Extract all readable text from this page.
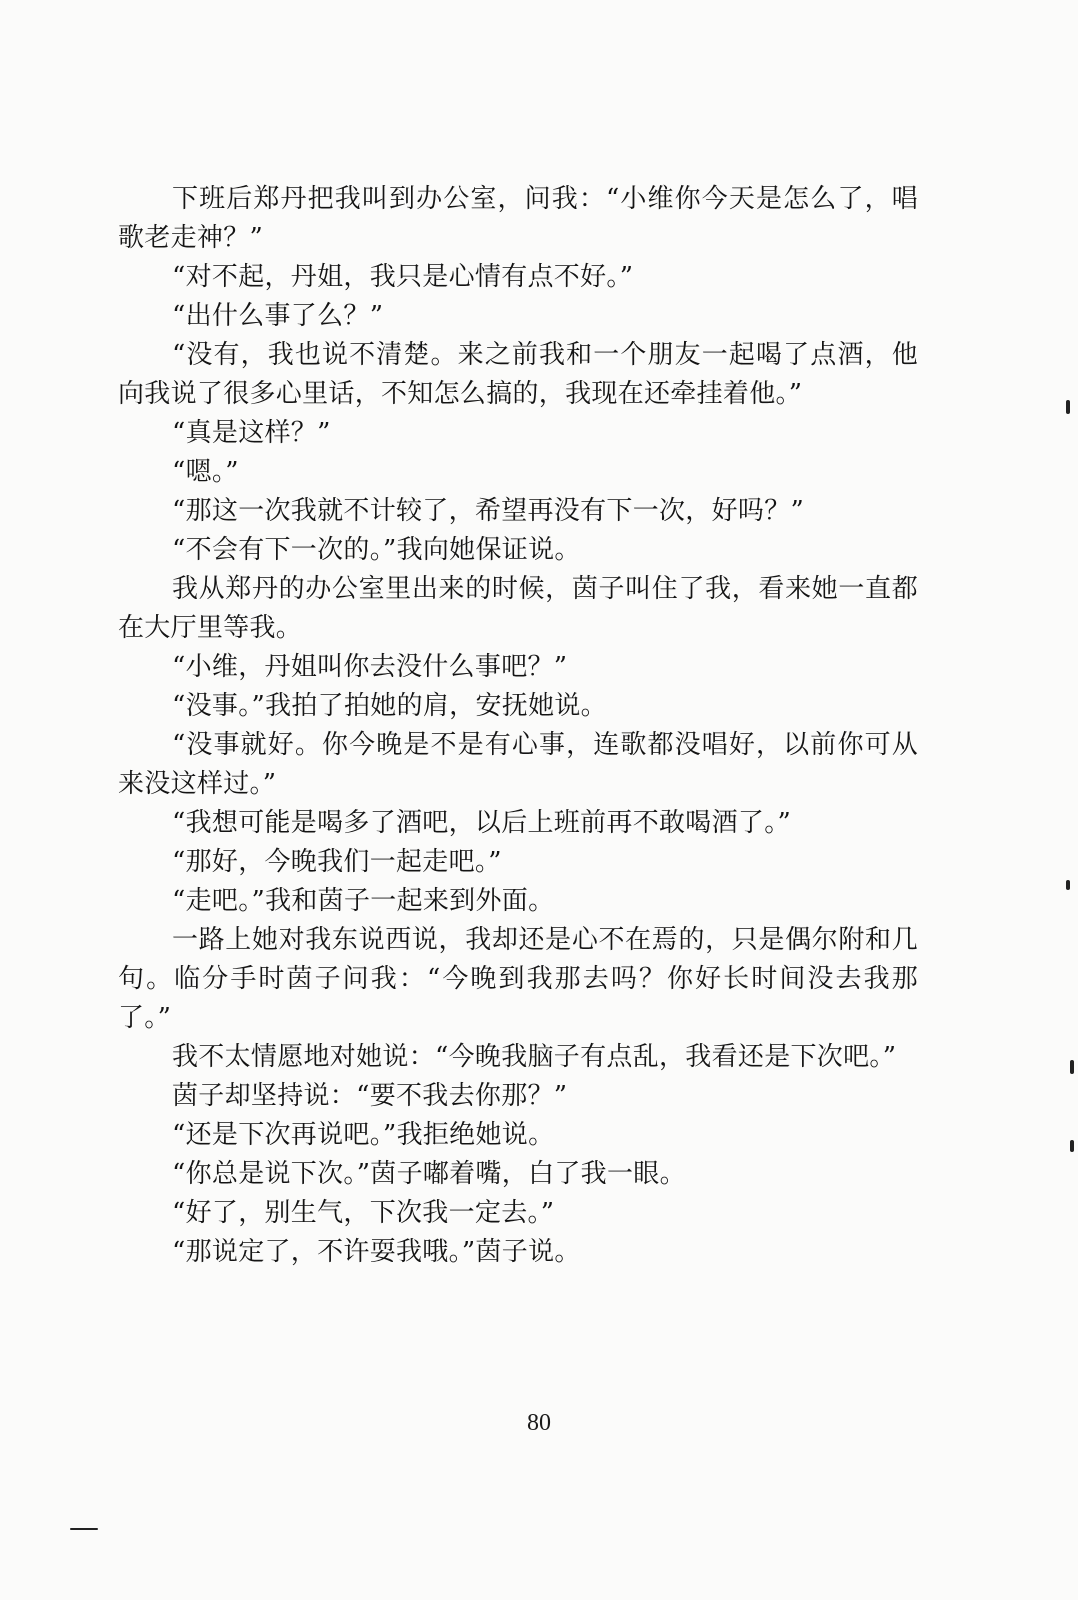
下班后郑丹把我叫到办公室，问我：“小维你今天是怎么了，唱歌老走神？”

“对不起，丹姐，我只是心情有点不好。”

“出什么事了么？”

“没有，我也说不清楚。来之前我和一个朋友一起喝了点酒，他向我说了很多心里话，不知怎么搞的，我现在还牵挂着他。”

“真是这样？”

“嗯。”

“那这一次我就不计较了，希望再没有下一次，好吗？”

“不会有下一次的。”我向她保证说。

我从郑丹的办公室里出来的时候，茵子叫住了我，看来她一直都在大厅里等我。

“小维，丹姐叫你去没什么事吧？”

“没事。”我拍了拍她的肩，安抚她说。

“没事就好。你今晚是不是有心事，连歌都没唱好，以前你可从来没这样过。”

“我想可能是喝多了酒吧，以后上班前再不敢喝酒了。”

“那好，今晚我们一起走吧。”

“走吧。”我和茵子一起来到外面。

一路上她对我东说西说，我却还是心不在焉的，只是偶尔附和几句。临分手时茵子问我：“今晚到我那去吗？你好长时间没去我那了。”

我不太情愿地对她说：“今晚我脑子有点乱，我看还是下次吧。”

茵子却坚持说：“要不我去你那？”

“还是下次再说吧。”我拒绝她说。

“你总是说下次。”茵子嘟着嘴，白了我一眼。

“好了，别生气，下次我一定去。”

“那说定了，不许耍我哦。”茵子说。

80
